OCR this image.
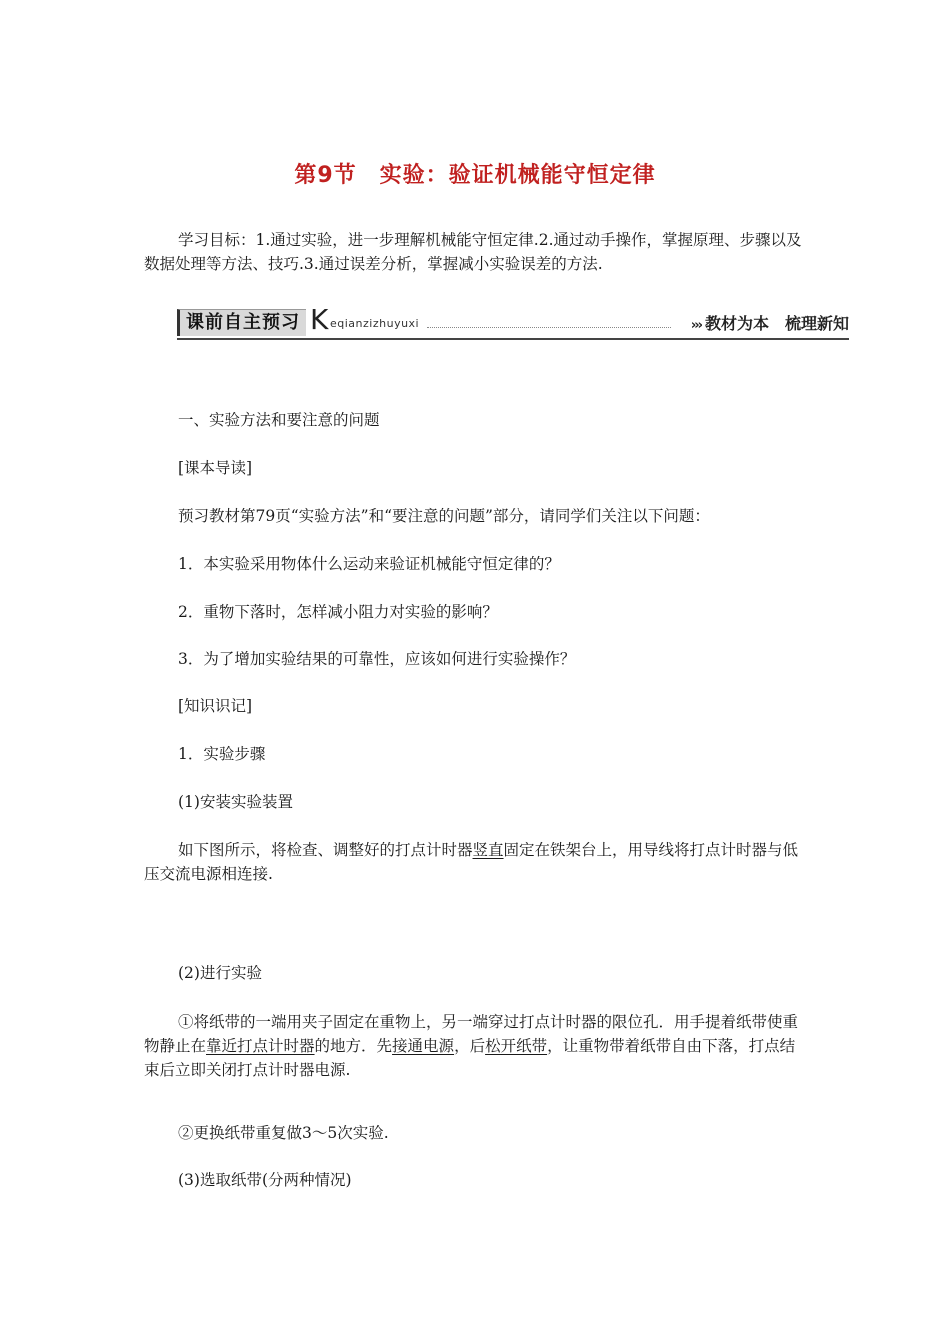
第9节　实验：验证机械能守恒定律
学习目标：1.通过实验，进一步理解机械能守恒定律.2.通过动手操作，掌握原理、步骤以及数据处理等方法、技巧.3.通过误差分析，掌握减小实验误差的方法.
课前自主预习 K eqianzizhuyuxi	››› 教材为本　梳理新知
一、实验方法和要注意的问题
[课本导读]
预习教材第79页“实验方法”和“要注意的问题”部分，请同学们关注以下问题：
1．本实验采用物体什么运动来验证机械能守恒定律的？
2．重物下落时，怎样减小阻力对实验的影响？
3．为了增加实验结果的可靠性，应该如何进行实验操作？
[知识识记]
1．实验步骤
(1)安装实验装置
如下图所示，将检查、调整好的打点计时器竖直固定在铁架台上，用导线将打点计时器与低压交流电源相连接.
(2)进行实验
①将纸带的一端用夹子固定在重物上，另一端穿过打点计时器的限位孔．用手提着纸带使重物静止在靠近打点计时器的地方．先接通电源，后松开纸带，让重物带着纸带自由下落，打点结束后立即关闭打点计时器电源.
②更换纸带重复做3～5次实验.
(3)选取纸带(分两种情况)
